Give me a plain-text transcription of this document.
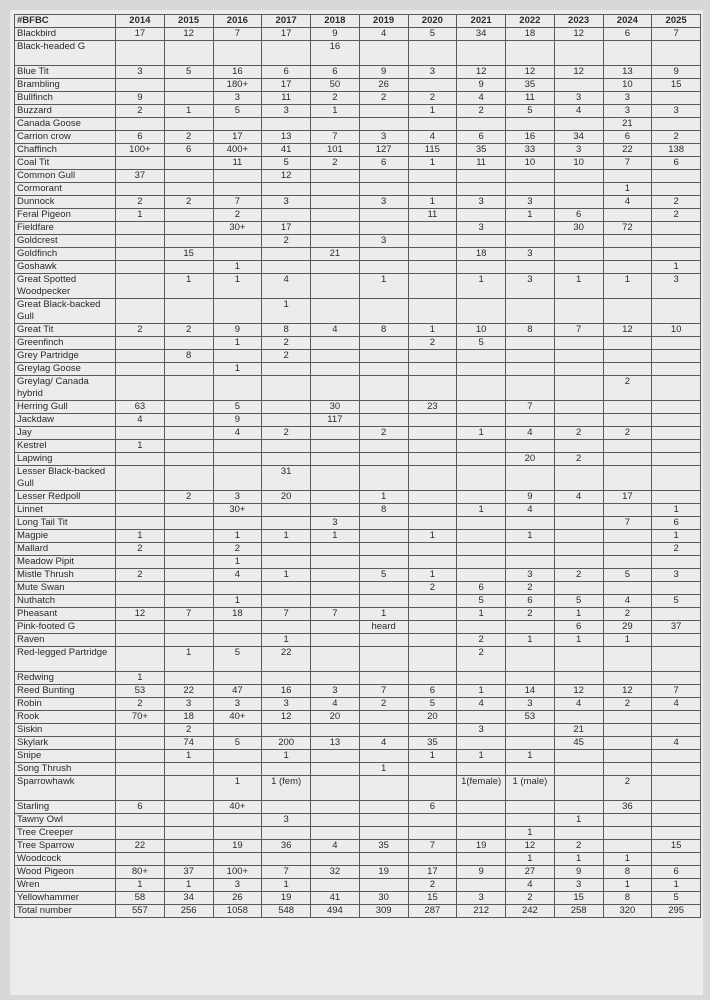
#BFBC	2014	2015	2016	2017	2018	2019	2020	2021	2022	2023	2024	2025
Blackbird	17	12	7	17	9	4	5	34	18	12	6	7
Black-headed G					16							
Blue Tit	3	5	16	6	6	9	3	12	12	12	13	9
Brambling			180+	17	50	26		9	35		10	15
Bullfinch	9		3	11	2	2	2	4	11	3	3	
Buzzard	2	1	5	3	1		1	2	5	4	3	3
Canada Goose											21	
Carrion crow	6	2	17	13	7	3	4	6	16	34	6	2
Chaffinch	100+	6	400+	41	101	127	115	35	33	3	22	138
Coal Tit			11	5	2	6	1	11	10	10	7	6
Common Gull	37			12								
Cormorant											1	
Dunnock	2	2	7	3		3	1	3	3		4	2
Feral Pigeon	1		2				11		1	6		2
Fieldfare			30+	17				3		30	72	
Goldcrest				2		3						
Goldfinch		15			21			18	3			
Goshawk			1									1
Great Spotted Woodpecker		1	1	4		1		1	3	1	1	3
Great Black-backed Gull				1								
Great Tit	2	2	9	8	4	8	1	10	8	7	12	10
Greenfinch			1	2			2	5				
Grey Partridge		8		2								
Greylag Goose			1									
Greylag/ Canada hybrid											2	
Herring Gull	63		5		30		23		7			
Jackdaw	4		9		117							
Jay			4	2		2		1	4	2	2	
Kestrel	1											
Lapwing									20	2		
Lesser Black-backed Gull				31								
Lesser Redpoll		2	3	20		1			9	4	17	
Linnet			30+			8		1	4			1
Long Tail Tit					3						7	6
Magpie	1		1	1	1		1		1			1
Mallard	2		2									2
Meadow Pipit			1									
Mistle Thrush	2		4	1		5	1		3	2	5	3
Mute Swan							2	6	2			
Nuthatch			1					5	6	5	4	5
Pheasant	12	7	18	7	7	1		1	2	1	2	
Pink-footed G						heard				6	29	37
Raven				1				2	1	1	1	
Red-legged Partridge		1	5	22				2				
Redwing	1											
Reed Bunting	53	22	47	16	3	7	6	1	14	12	12	7
Robin	2	3	3	3	4	2	5	4	3	4	2	4
Rook	70+	18	40+	12	20		20		53			
Siskin		2						3		21		
Skylark		74	5	200	13	4	35			45		4
Snipe		1		1			1	1	1			
Song Thrush						1						
Sparrowhawk			1	1 (fem)				1(female)	1 (male)		2	
Starling	6		40+				6				36	
Tawny Owl				3						1		
Tree Creeper									1			
Tree Sparrow	22		19	36	4	35	7	19	12	2		15
Woodcock									1	1	1	
Wood Pigeon	80+	37	100+	7	32	19	17	9	27	9	8	6
Wren	1	1	3	1			2		4	3	1	1
Yellowhammer	58	34	26	19	41	30	15	3	2	15	8	5
Total number	557	256	1058	548	494	309	287	212	242	258	320	295
